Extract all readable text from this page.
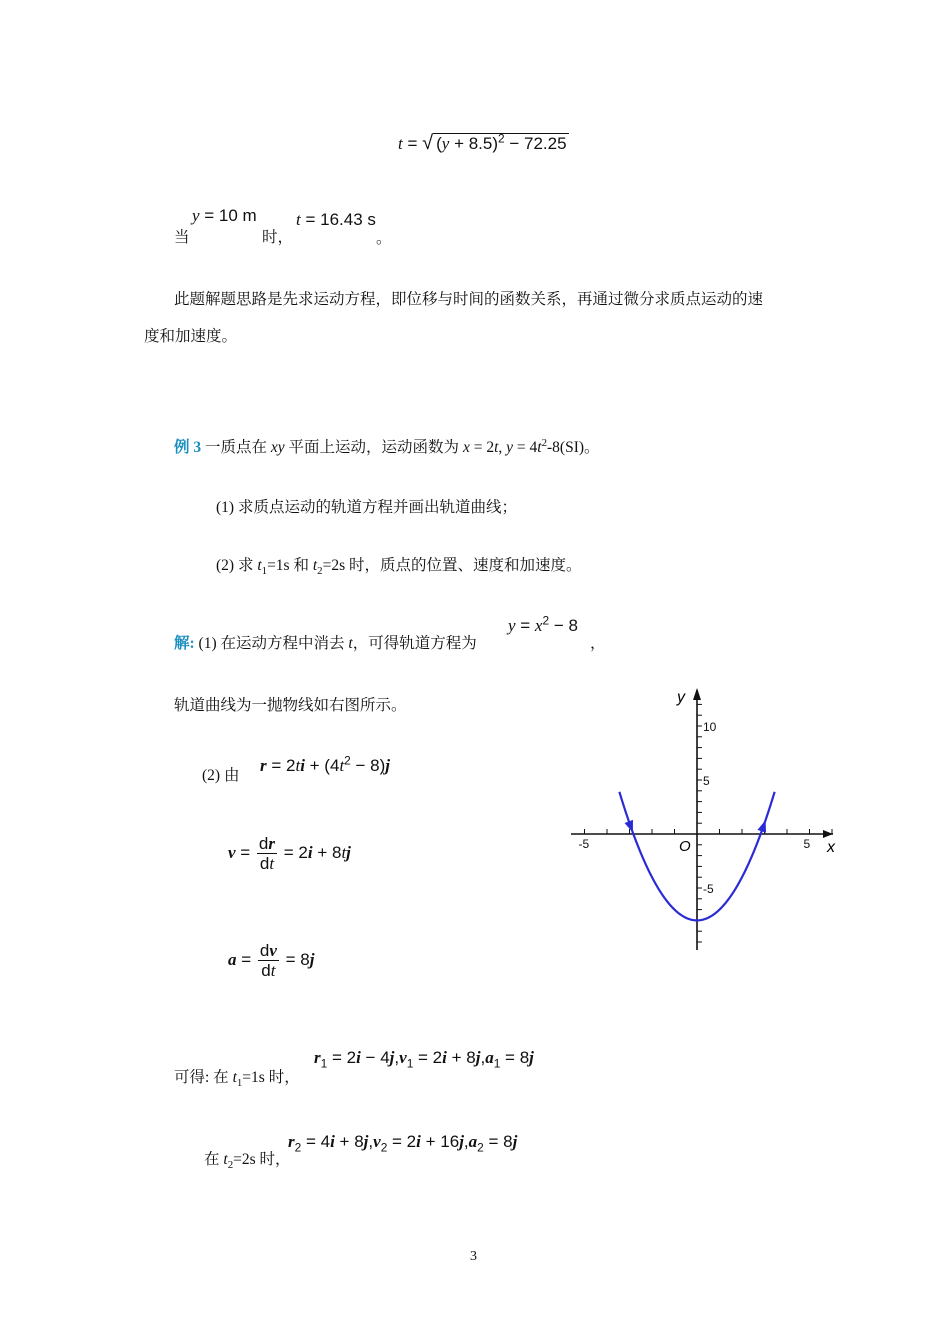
t = √ $(y + 8.5)^2 - 72.25$
当
y = 10 m
时，
t = 16.43 s
。
此题解题思路是先求运动方程，即位移与时间的函数关系，再通过微分求质点运动的速
度和加速度。
例 3 一质点在 xy 平面上运动，运动函数为 x = 2t, $y = 4t^2-8(SI)$。
(1) 求质点运动的轨道方程并画出轨道曲线；
(2) 求 $t_1=1s$ 和 $t_2=2s$ 时，质点的位置、速度和加速度。
解: (1) 在运动方程中消去 t，可得轨道方程为
$y = x^2 - 8$
，
轨道曲线为一抛物线如右图所示。
(2) 由
$r = 2ti + (4t^2 - 8)j$
$v = \frac{dr}{dt} = 2i + 8tj$
$a = \frac{dv}{dt} = 8j$
可得: 在 $t_1=1s$ 时，
$r_1 = 2i - 4j,v_1 = 2i + 8j,a_1 = 8j$
在 $t_2=2s$ 时，
$r_2 = 4i + 8j,v_2 = 2i + 16j,a_2 = 8j$
-5	5
10
5
-5
y
x
O
3
